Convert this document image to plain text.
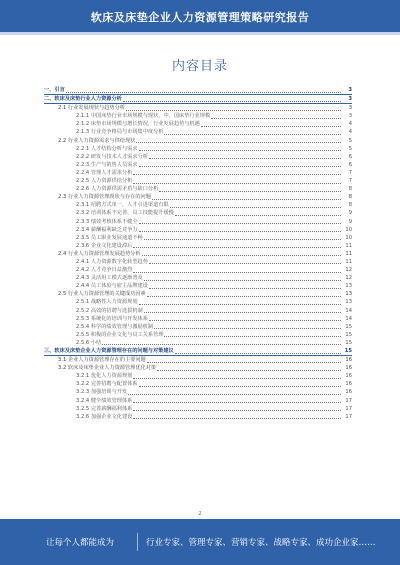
软床及床垫企业人力资源管理策略研究报告
内容目录
一、引言	3
二、软床及床垫行业人力资源分析	3
2.1 行业发展现状与趋势分析	3
2.1.1 中国床垫行业市场规模与现状，中、国床垫行业规模	3
2.1.2 床垫市场规模与增长情况，行业发展趋势与机遇	4
2.1.3 行业竞争格局与市场集中度分析	4
2.2 行业人力资源需求与供给现状	5
2.2.1 人才结构分析与需求	5
2.2.2 研发与技术人才需求分析	6
2.2.3 生产与销售人员需求	6
2.2.4 管理人才需求分析	7
2.2.5 人力资源供给分析	7
2.2.6 人力资源供需矛盾与缺口分析	8
2.3 行业人力资源管理现状与存在的问题	8
2.3.1 招聘方式单一，人才引进渠道有限	8
2.3.2 培训体系不完善，员工技能提升缓慢	9
2.3.3 绩效考核体系不健全	9
2.3.4 薪酬福利缺乏竞争力	10
2.3.5 员工职业发展通道不畅	10
2.3.6 企业文化建设滞后	11
2.4 行业人力资源管理发展趋势分析	11
2.4.1 人力资源数字化转型趋势	11
2.4.2 人才竞争日益激烈	12
2.4.3 灵活用工模式逐渐普及	12
2.4.4 员工体验与雇主品牌建设	13
2.5 行业人力资源管理的关键成功因素	13
2.5.1 战略性人力资源规划	13
2.5.2 高效的招聘与选拔机制	14
2.5.3 系统化的培训与开发体系	14
2.5.4 科学的绩效管理与激励机制	15
2.5.5 积极的企业文化与员工关系管理	15
2.5.6 小结	15
三、软床及床垫企业人力资源管理存在的问题与对策建议	15
3.1 企业人力资源管理存在的主要问题	16
3.2 软床及床垫企业人力资源管理优化对策	16
3.2.1 优化人力资源规划	16
3.2.2 完善招聘与配置体系	16
3.2.3 加强培训与开发	16
3.2.4 健全绩效管理体系	17
3.2.5 完善薪酬福利体系	17
3.2.6 加强企业文化建设	17
2
让每个人都能成为	行业专家、管理专家、营销专家、战略专家、成功企业家……
